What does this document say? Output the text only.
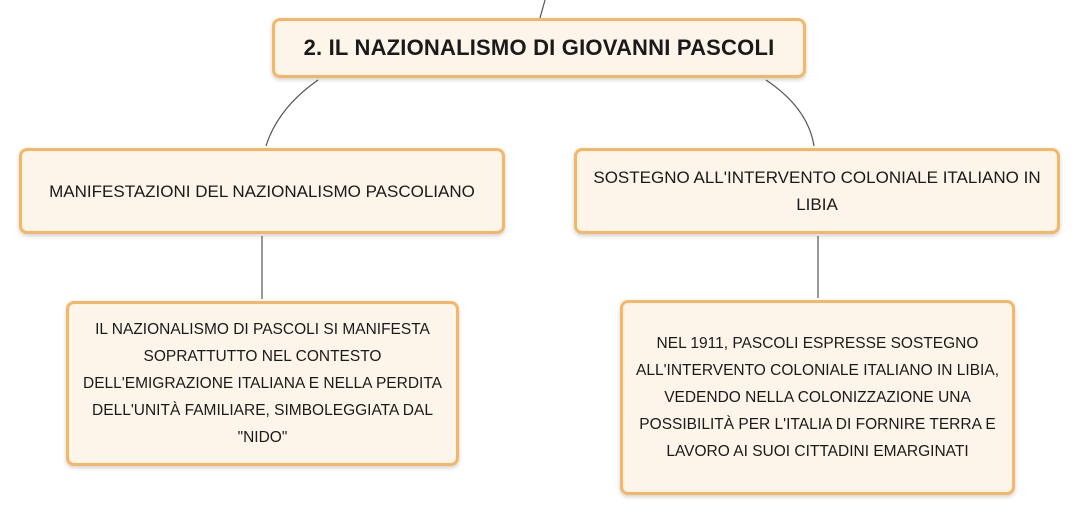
2. IL NAZIONALISMO DI GIOVANNI PASCOLI
MANIFESTAZIONI DEL NAZIONALISMO PASCOLIANO
SOSTEGNO ALL'INTERVENTO COLONIALE ITALIANO IN LIBIA
IL NAZIONALISMO DI PASCOLI SI MANIFESTA SOPRATTUTTO NEL CONTESTO DELL'EMIGRAZIONE ITALIANA E NELLA PERDITA DELL'UNITÀ FAMILIARE, SIMBOLEGGIATA DAL "NIDO"
NEL 1911, PASCOLI ESPRESSE SOSTEGNO ALL'INTERVENTO COLONIALE ITALIANO IN LIBIA, VEDENDO NELLA COLONIZZAZIONE UNA POSSIBILITÀ PER L'ITALIA DI FORNIRE TERRA E LAVORO AI SUOI CITTADINI EMARGINATI
